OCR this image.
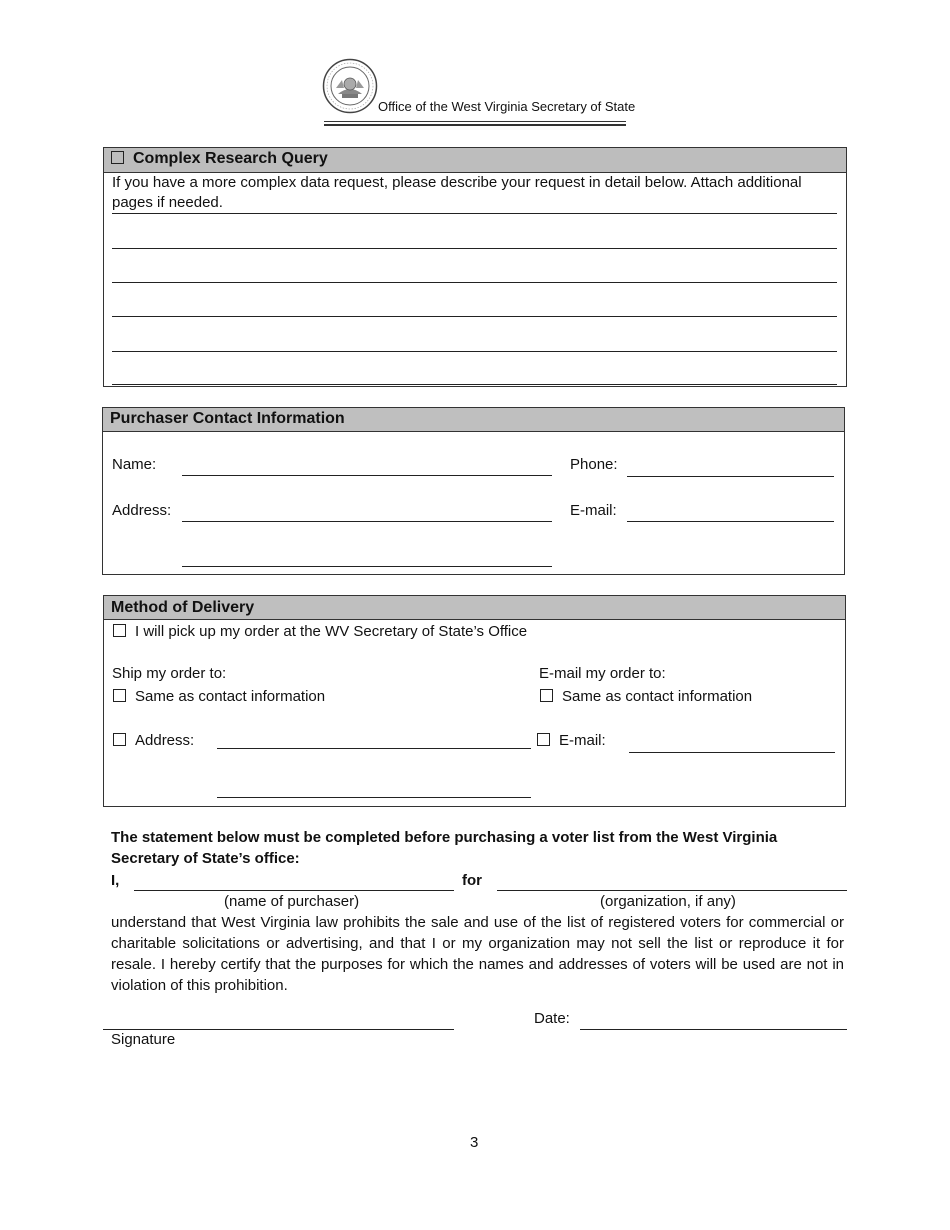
Office of the West Virginia Secretary of State
Complex Research Query
If you have a more complex data request, please describe your request in detail below. Attach additional pages if needed.
Purchaser Contact Information
Name:	Phone:
Address:	E-mail:
Method of Delivery
I will pick up my order at the WV Secretary of State’s Office
Ship my order to:
Same as contact information
Address:
E-mail my order to:
Same as contact information
E-mail:
The statement below must be completed before purchasing a voter list from the West Virginia
Secretary of State’s office:
I,	for
(name of purchaser)	(organization, if any)
understand that West Virginia law prohibits the sale and use of the list of registered voters for commercial or charitable solicitations or advertising, and that I or my organization may not sell the list or reproduce it for resale. I hereby certify that the purposes for which the names and addresses of voters will be used are not in violation of this prohibition.
Date:
Signature
3
